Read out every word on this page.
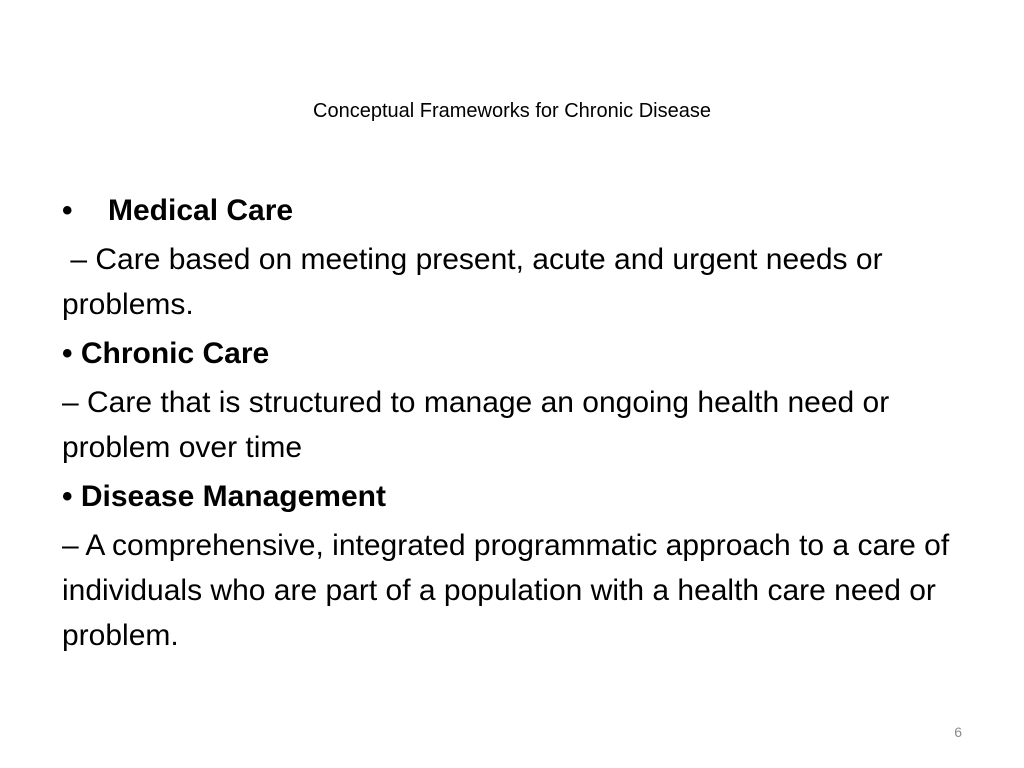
Conceptual Frameworks for Chronic Disease
•	Medical Care
– Care based on meeting present, acute and urgent needs or problems.
• Chronic Care
– Care that is structured to manage an ongoing health need or problem over time
• Disease Management
– A comprehensive, integrated programmatic approach to a care of individuals who are part of a population with a health care need or problem.
6
